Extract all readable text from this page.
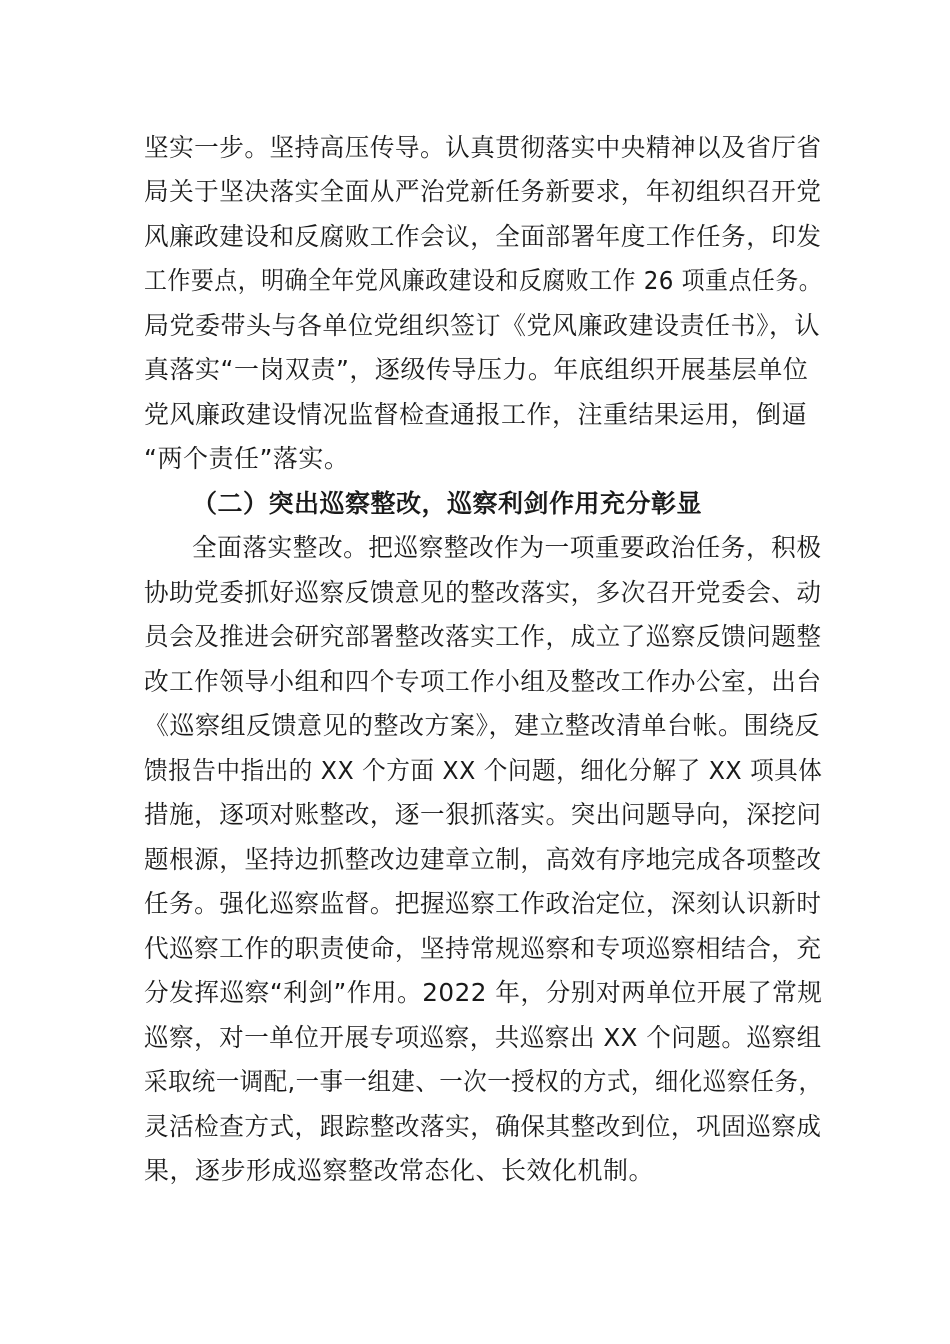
坚实一步。坚持高压传导。认真贯彻落实中央精神以及省厅省
局关于坚决落实全面从严治党新任务新要求，年初组织召开党
风廉政建设和反腐败工作会议，全面部署年度工作任务，印发
工作要点，明确全年党风廉政建设和反腐败工作 26 项重点任务。
局党委带头与各单位党组织签订《党风廉政建设责任书》，认
真落实“一岗双责”，逐级传导压力。年底组织开展基层单位
党风廉政建设情况监督检查通报工作，注重结果运用，倒逼
“两个责任”落实。
（二）突出巡察整改，巡察利剑作用充分彰显
全面落实整改。把巡察整改作为一项重要政治任务，积极
协助党委抓好巡察反馈意见的整改落实，多次召开党委会、动
员会及推进会研究部署整改落实工作，成立了巡察反馈问题整
改工作领导小组和四个专项工作小组及整改工作办公室，出台
《巡察组反馈意见的整改方案》，建立整改清单台帐。围绕反
馈报告中指出的 XX 个方面 XX 个问题，细化分解了 XX 项具体
措施，逐项对账整改，逐一狠抓落实。突出问题导向，深挖问
题根源，坚持边抓整改边建章立制，高效有序地完成各项整改
任务。强化巡察监督。把握巡察工作政治定位，深刻认识新时
代巡察工作的职责使命，坚持常规巡察和专项巡察相结合，充
分发挥巡察“利剑”作用。2022 年，分别对两单位开展了常规
巡察，对一单位开展专项巡察，共巡察出 XX 个问题。巡察组
采取统一调配,一事一组建、一次一授权的方式，细化巡察任务，
灵活检查方式，跟踪整改落实，确保其整改到位，巩固巡察成
果，逐步形成巡察整改常态化、长效化机制。
